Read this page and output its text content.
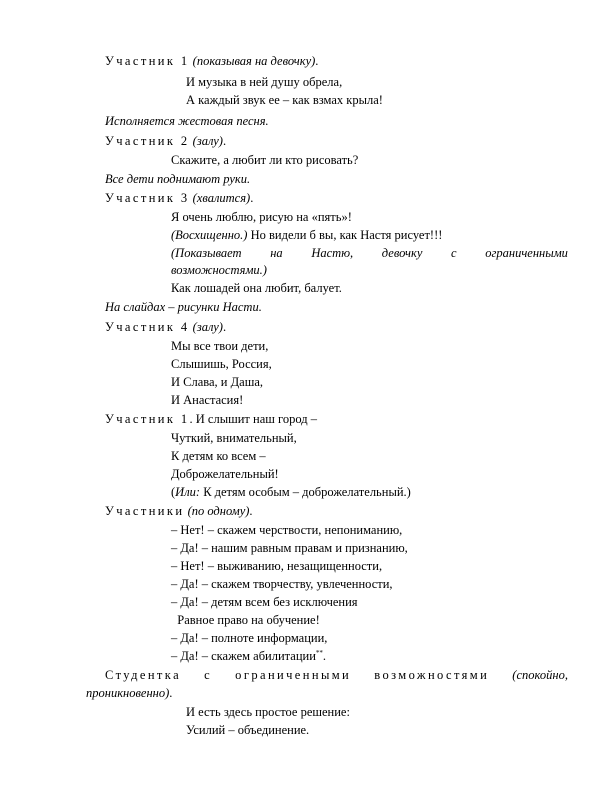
Участник 1 (показывая на девочку).
И музыка в ней душу обрела,
А каждый звук ее – как взмах крыла!
Исполняется жестовая песня.
Участник 2 (залу).
Скажите, а любит ли кто рисовать?
Все дети поднимают руки.
Участник 3 (хвалится).
Я очень люблю, рисую на «пять»!
(Восхищенно.) Но видели б вы, как Настя рисует!!!
(Показывает на Настю, девочку с ограниченными
возможностями.)
Как лошадей она любит, балует.
На слайдах – рисунки Насти.
Участник 4 (залу).
Мы все твои дети,
Слышишь, Россия,
И Слава, и Даша,
И Анастасия!
Участник 1. И слышит наш город –
Чуткий, внимательный,
К детям ко всем –
Доброжелательный!
(Или: К детям особым – доброжелательный.)
Участники (по одному).
– Нет! – скажем черствости, непониманию,
– Да! – нашим равным правам и признанию,
– Нет! – выживанию, незащищенности,
– Да! – скажем творчеству, увлеченности,
– Да! – детям всем без исключения
Равное право на обучение!
– Да! – полноте информации,
– Да! – скажем абилитации**.
Студентка с ограниченными возможностями (спокойно,
проникновенно).
И есть здесь простое решение:
Усилий – объединение.
